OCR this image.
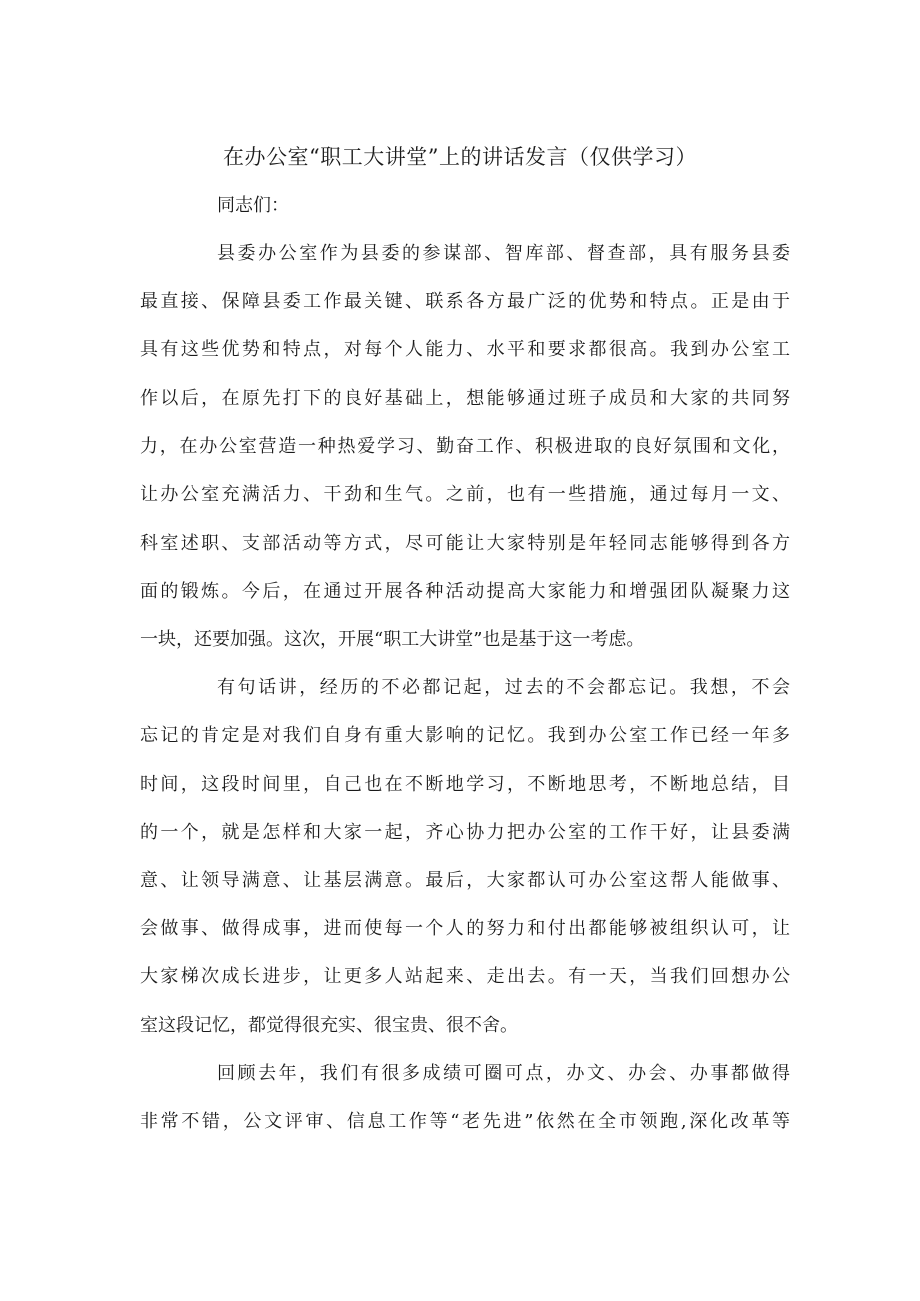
在办公室“职工大讲堂”上的讲话发言（仅供学习）
同志们：
县委办公室作为县委的参谋部、智库部、督查部，具有服务县委
最直接、保障县委工作最关键、联系各方最广泛的优势和特点。正是由于
具有这些优势和特点，对每个人能力、水平和要求都很高。我到办公室工
作以后，在原先打下的良好基础上，想能够通过班子成员和大家的共同努
力，在办公室营造一种热爱学习、勤奋工作、积极进取的良好氛围和文化，
让办公室充满活力、干劲和生气。之前，也有一些措施，通过每月一文、
科室述职、支部活动等方式，尽可能让大家特别是年轻同志能够得到各方
面的锻炼。今后，在通过开展各种活动提高大家能力和增强团队凝聚力这
一块，还要加强。这次，开展“职工大讲堂”也是基于这一考虑。
有句话讲，经历的不必都记起，过去的不会都忘记。我想，不会
忘记的肯定是对我们自身有重大影响的记忆。我到办公室工作已经一年多
时间，这段时间里，自己也在不断地学习，不断地思考，不断地总结，目
的一个，就是怎样和大家一起，齐心协力把办公室的工作干好，让县委满
意、让领导满意、让基层满意。最后，大家都认可办公室这帮人能做事、
会做事、做得成事，进而使每一个人的努力和付出都能够被组织认可，让
大家梯次成长进步，让更多人站起来、走出去。有一天，当我们回想办公
室这段记忆，都觉得很充实、很宝贵、很不舍。
回顾去年，我们有很多成绩可圈可点，办文、办会、办事都做得
非常不错，公文评审、信息工作等“老先进”依然在全市领跑,深化改革等
